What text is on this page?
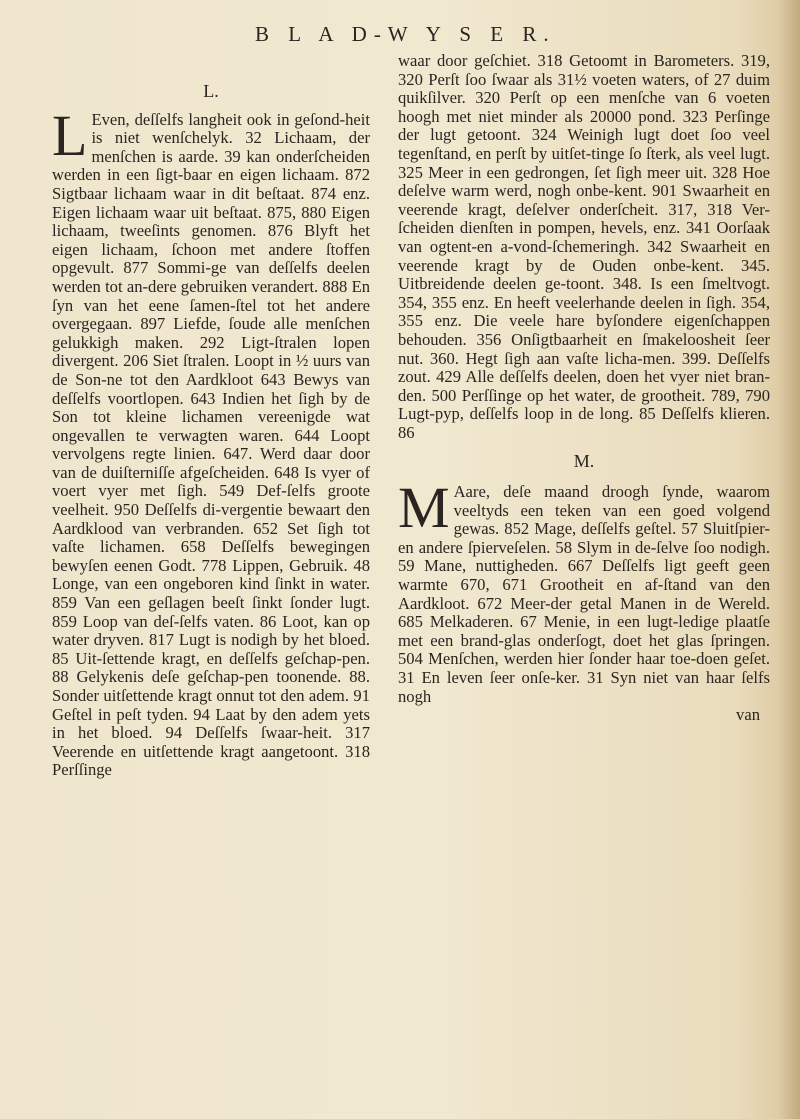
B L A D-W Y S E R.
L.

L Even, deſſelfs langheit ook in geſond-heit is niet wenſchelyk. 32 Lichaam, der menſchen is aarde. 39 kan onderſcheiden werden in een ſigt-baar en eigen lichaam. 872 Sigtbaar lichaam waar in dit beſtaat. 874 enz. Eigen lichaam waar uit beſtaat. 875, 880 Eigen lichaam, tweeſints genomen. 876 Blyft het eigen lichaam, ſchoon met andere ſtoffen opgevult. 877 Sommi-ge van deſſelfs deelen werden tot an-dere gebruiken verandert. 888 En ſyn van het eene ſamen-ſtel tot het andere overgegaan. 897 Liefde, ſoude alle menſchen gelukkigh maken. 292 Ligt-ſtralen lopen divergent. 206 Siet ſtralen. Loopt in ½ uurs van de Son-ne tot den Aardkloot 643 Bewys van deſſelfs voortlopen. 643 Indien het ſigh by de Son tot kleine lichamen vereenigde wat ongevallen te verwagten waren. 644 Loopt vervolgens regte linien. 647. Werd daar door van de duiſterniſſe afgeſcheiden. 648 Is vyer of voert vyer met ſigh. 549 Def-ſelfs groote veelheit. 950 Deſſelfs di-vergentie bewaart den Aardklood van verbranden. 652 Set ſigh tot vaſte lichamen. 658 Deſſelfs bewegingen bewyſen eenen Godt. 778 Lippen, Gebruik. 48 Longe, van een ongeboren kind ſinkt in water. 859 Van een geſlagen beeſt ſinkt ſonder lugt. 859 Loop van deſ-ſelfs vaten. 86 Loot, kan op water dryven. 817 Lugt is nodigh by het bloed. 85 Uit-ſettende kragt, en deſſelfs geſchap-pen. 88 Gelykenis deſe geſchap-pen toonende. 88. Sonder uitſettende kragt onnut tot den adem. 91 Geſtel in peſt tyden. 94 Laat by den adem yets in het bloed. 94 Deſſelfs ſwaar-heit. 317 Veerende en uitſettende kragt aangetoont. 318 Perſſinge

waar door geſchiet. 318 Getoomt in Barometers. 319, 320 Perſt ſoo ſwaar als 31½ voeten waters, of 27 duim quikſilver. 320 Perſt op een menſche van 6 voeten hoogh met niet minder als 20000 pond. 323 Perſinge der lugt getoont. 324 Weinigh lugt doet ſoo veel tegenſtand, en perſt by uitſet-tinge ſo ſterk, als veel lugt. 325 Meer in een gedrongen, ſet ſigh meer uit. 328 Hoe deſelve warm werd, nogh onbe-kent. 901 Swaarheit en veerende kragt, deſelver onderſcheit. 317, 318 Ver-ſcheiden dienſten in pompen, hevels, enz. 341 Oorſaak van ogtent-en a-vond-ſchemeringh. 342 Swaarheit en veerende kragt by de Ouden onbe-kent. 345. Uitbreidende deelen ge-toont. 348. Is een ſmeltvogt. 354, 355 enz. En heeft veelerhande deelen in ſigh. 354, 355 enz. Die veele hare byſondere eigenſchappen behouden. 356 Onſigtbaarheit en ſmakeloosheit ſeer nut. 360. Hegt ſigh aan vaſte licha-men. 399. Deſſelfs zout. 429 Alle deſſelfs deelen, doen het vyer niet bran-den. 500 Perſſinge op het water, de grootheit. 789, 790 Lugt-pyp, deſſelfs loop in de long. 85 Deſſelfs klieren. 86

M.

M Aare, deſe maand droogh ſynde, waarom veeltyds een teken van een goed volgend gewas. 852 Mage, deſſelfs geſtel. 57 Sluitſpier- en andere ſpierveſelen. 58 Slym in de-ſelve ſoo nodigh. 59 Mane, nuttigheden. 667 Deſſelfs ligt geeft geen warmte 670, 671 Grootheit en af-ſtand van den Aardkloot. 672 Meer-der getal Manen in de Wereld. 685 Melkaderen. 67 Menie, in een lugt-ledige plaatſe met een brand-glas onderſogt, doet het glas ſpringen. 504 Menſchen, werden hier ſonder haar toe-doen geſet. 31 En leven ſeer onſe-ker. 31 Syn niet van haar ſelfs nogh

van
